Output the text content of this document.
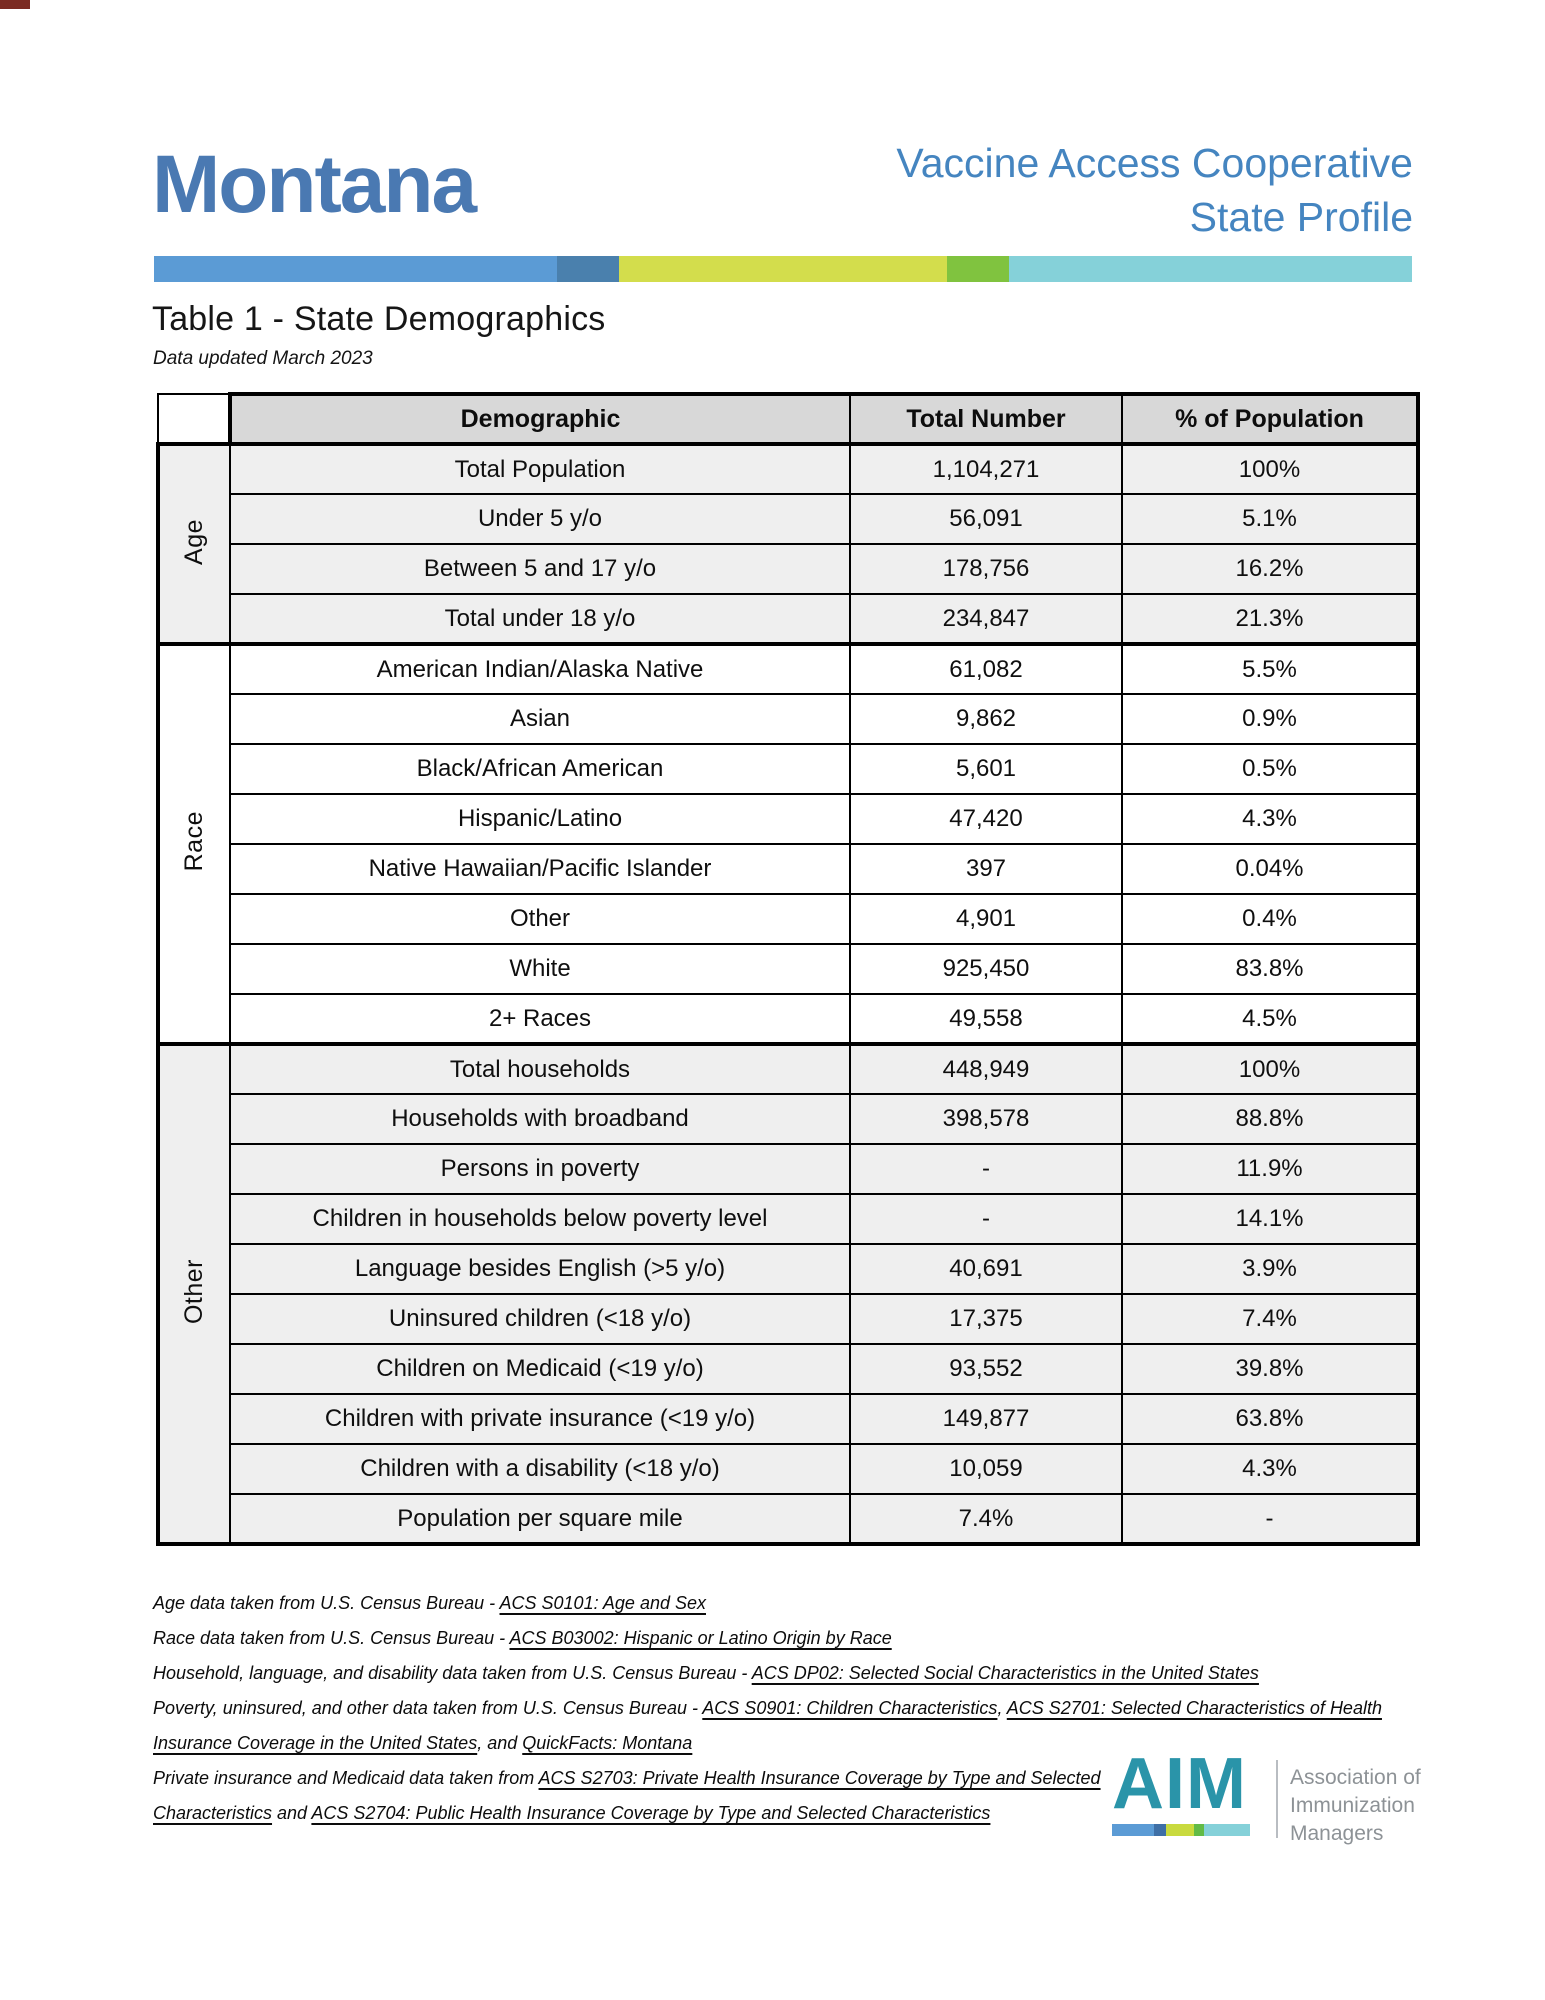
Montana	Vaccine Access Cooperative
State Profile
Table 1 - State Demographics
Data updated March 2023
	Demographic	Total Number	% of Population
Age	Total Population	1,104,271	100%
	Under 5 y/o	56,091	5.1%
	Between 5 and 17 y/o	178,756	16.2%
	Total under 18 y/o	234,847	21.3%
Race	American Indian/Alaska Native	61,082	5.5%
	Asian	9,862	0.9%
	Black/African American	5,601	0.5%
	Hispanic/Latino	47,420	4.3%
	Native Hawaiian/Pacific Islander	397	0.04%
	Other	4,901	0.4%
	White	925,450	83.8%
	2+ Races	49,558	4.5%
Other	Total households	448,949	100%
	Households with broadband	398,578	88.8%
	Persons in poverty	-	11.9%
	Children in households below poverty level	-	14.1%
	Language besides English (>5 y/o)	40,691	3.9%
	Uninsured children (<18 y/o)	17,375	7.4%
	Children on Medicaid (<19 y/o)	93,552	39.8%
	Children with private insurance (<19 y/o)	149,877	63.8%
	Children with a disability (<18 y/o)	10,059	4.3%
	Population per square mile	7.4%	-
Age data taken from U.S. Census Bureau - ACS S0101: Age and Sex
Race data taken from U.S. Census Bureau - ACS B03002: Hispanic or Latino Origin by Race
Household, language, and disability data taken from U.S. Census Bureau - ACS DP02: Selected Social Characteristics in the United States
Poverty, uninsured, and other data taken from U.S. Census Bureau - ACS S0901: Children Characteristics, ACS S2701: Selected Characteristics of Health Insurance Coverage in the United States, and QuickFacts: Montana
Private insurance and Medicaid data taken from ACS S2703: Private Health Insurance Coverage by Type and Selected Characteristics and ACS S2704: Public Health Insurance Coverage by Type and Selected Characteristics	AIM	Association of
Immunization
Managers
